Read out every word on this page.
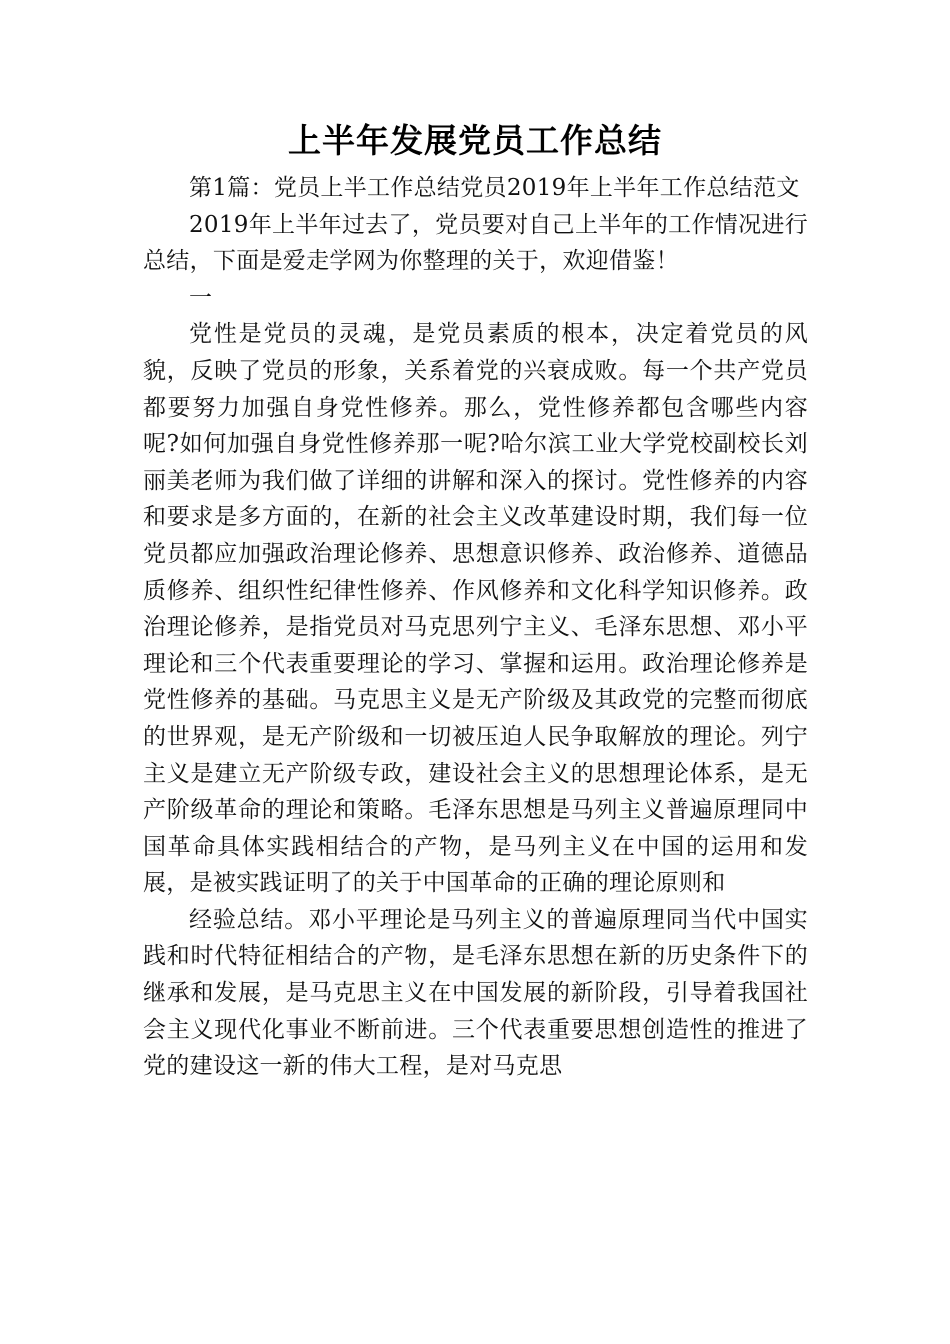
上半年发展党员工作总结

第1篇：党员上半工作总结党员2019年上半年工作总结范文

2019年上半年过去了，党员要对自己上半年的工作情况进行总结，下面是爱走学网为你整理的关于，欢迎借鉴！

一

党性是党员的灵魂，是党员素质的根本，决定着党员的风貌，反映了党员的形象，关系着党的兴衰成败。每一个共产党员都要努力加强自身党性修养。那么，党性修养都包含哪些内容呢?如何加强自身党性修养那一呢?哈尔滨工业大学党校副校长刘丽美老师为我们做了详细的讲解和深入的探讨。党性修养的内容和要求是多方面的，在新的社会主义改革建设时期，我们每一位党员都应加强政治理论修养、思想意识修养、政治修养、道德品质修养、组织性纪律性修养、作风修养和文化科学知识修养。政治理论修养，是指党员对马克思列宁主义、毛泽东思想、邓小平理论和三个代表重要理论的学习、掌握和运用。政治理论修养是党性修养的基础。马克思主义是无产阶级及其政党的完整而彻底的世界观，是无产阶级和一切被压迫人民争取解放的理论。列宁主义是建立无产阶级专政，建设社会主义的思想理论体系，是无产阶级革命的理论和策略。毛泽东思想是马列主义普遍原理同中国革命具体实践相结合的产物，是马列主义在中国的运用和发展，是被实践证明了的关于中国革命的正确的理论原则和

经验总结。邓小平理论是马列主义的普遍原理同当代中国实践和时代特征相结合的产物，是毛泽东思想在新的历史条件下的继承和发展，是马克思主义在中国发展的新阶段，引导着我国社会主义现代化事业不断前进。三个代表重要思想创造性的推进了党的建设这一新的伟大工程，是对马克思
